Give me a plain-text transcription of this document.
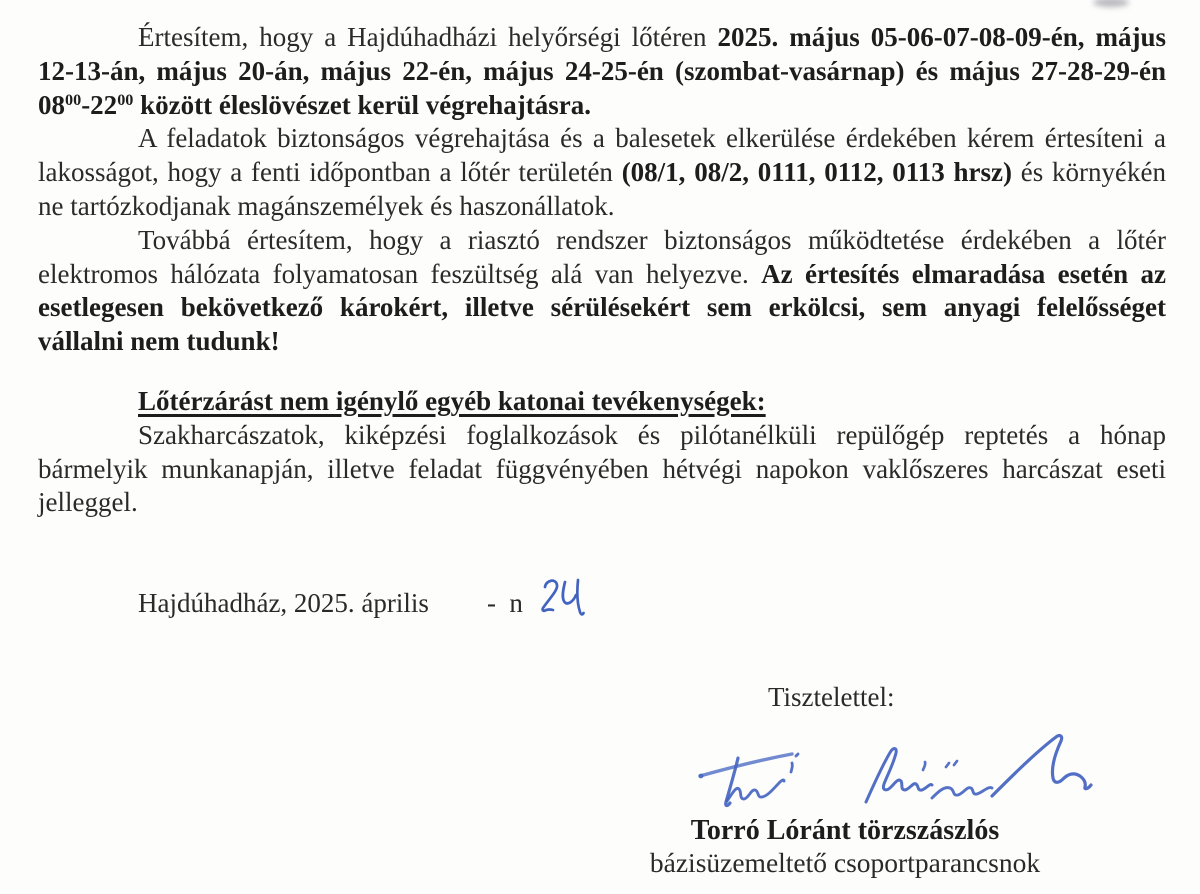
Értesítem, hogy a Hajdúhadházi helyőrségi lőtéren 2025. május 05-06-07-08-09-én, május 12-13-án, május 20-án, május 22-én, május 24-25-én (szombat-vasárnap) és május 27-28-29-én $08^{00}-22^{00}$ között éleslövészet kerül végrehajtásra.

A feladatok biztonságos végrehajtása és a balesetek elkerülése érdekében kérem értesíteni a lakosságot, hogy a fenti időpontban a lőtér területén (08/1, 08/2, 0111, 0112, 0113 hrsz) és környékén ne tartózkodjanak magánszemélyek és haszonállatok.

Továbbá értesítem, hogy a riasztó rendszer biztonságos működtetése érdekében a lőtér elektromos hálózata folyamatosan feszültség alá van helyezve. Az értesítés elmaradása esetén az esetlegesen bekövetkező károkért, illetve sérülésekért sem erkölcsi, sem anyagi felelősséget vállalni nem tudunk!

Lőtérzárást nem igénylő egyéb katonai tevékenységek:

Szakharcászatok, kiképzési foglalkozások és pilótanélküli repülőgép reptetés a hónap bármelyik munkanapján, illetve feladat függvényében hétvégi napokon vaklőszeres harcászat eseti jelleggel.

Hajdúhadház, 2025. április -  n

Tisztelettel:
Torró Lóránt törzszászlós
bázisüzemeltető csoportparancsnok
